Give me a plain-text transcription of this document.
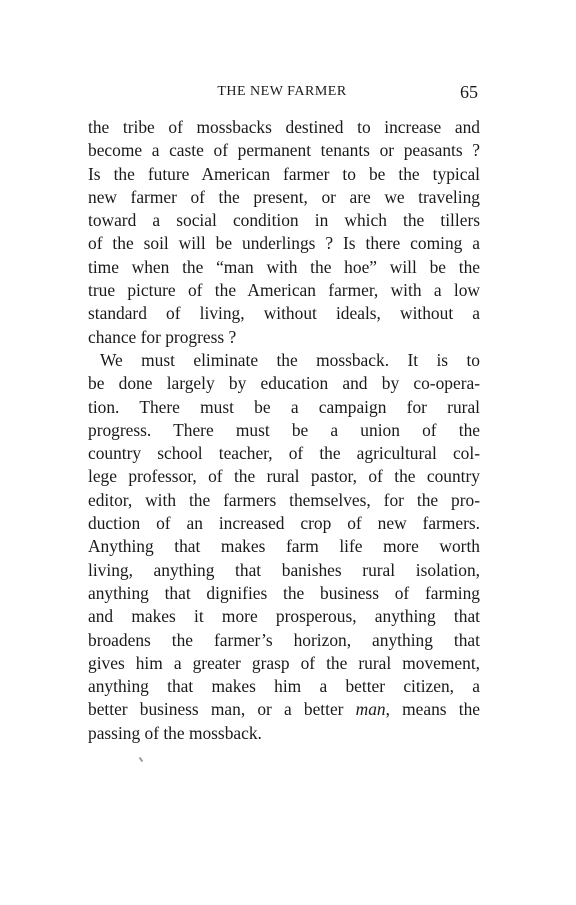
THE NEW FARMER	65
the tribe of mossbacks destined to increase and
become a caste of permanent tenants or peasants ?
Is the future American farmer to be the typical
new farmer of the present, or are we traveling
toward a social condition in which the tillers
of the soil will be underlings ? Is there coming a
time when the “man with the hoe” will be the
true picture of the American farmer, with a low
standard of living, without ideals, without a
chance for progress ?
We must eliminate the mossback. It is to
be done largely by education and by co-opera-
tion. There must be a campaign for rural
progress. There must be a union of the
country school teacher, of the agricultural col-
lege professor, of the rural pastor, of the country
editor, with the farmers themselves, for the pro-
duction of an increased crop of new farmers.
Anything that makes farm life more worth
living, anything that banishes rural isolation,
anything that dignifies the business of farming
and makes it more prosperous, anything that
broadens the farmer’s horizon, anything that
gives him a greater grasp of the rural movement,
anything that makes him a better citizen, a
better business man, or a better man, means the
passing of the mossback.
